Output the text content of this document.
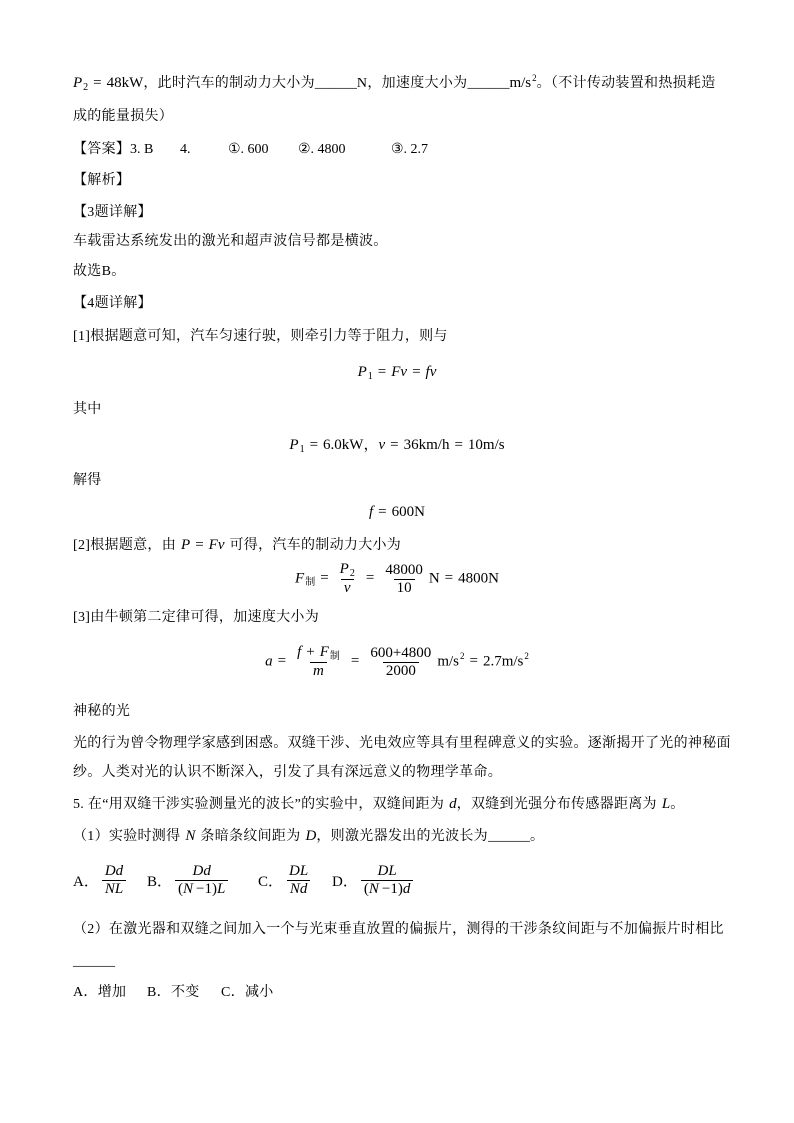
$P_2 = 48kW$，此时汽车的制动力大小为______N，加速度大小为$\_\_\_\_\_\_m/s^2$。（不计传动装置和热损耗造
成的能量损失）
【答案】 3. B 4.	①. 600 ②. 4800	③. 2.7
【解析】
【3题详解】
车载雷达系统发出的激光和超声波信号都是横波。
故选B。
【4题详解】
[1]根据题意可知，汽车匀速行驶，则牵引力等于阻力，则与
$P_1 = Fv$ = fv
其中
$P_1 = 6.0kW$，v = 36km/h = 10m/s
解得
f = 600N
[2]根据题意，由 P = Fv 可得，汽车的制动力大小为
$F_制 = \frac{P_2}{v} = \frac{48000}{10}$ N = 4800N
[3]由牛顿第二定律可得，加速度大小为
$a = \frac{f + F_制}{m} = \frac{600+4800}{2000} m/s^2 = 2.7m/s^2$
神秘的光
光的行为曾令物理学家感到困惑。双缝干涉、光电效应等具有里程碑意义的实验。逐渐揭开了光的神秘面
纱。人类对光的认识不断深入，引发了具有深远意义的物理学革命。
5. 在“用双缝干涉实验测量光的波长”的实验中，双缝间距为 d，双缝到光强分布传感器距离为 L。
（1）实验时测得 N 条暗条纹间距为 D，则激光器发出的光波长为______。
A． $\frac{Dd}{NL}$ B． $\frac{Dd}{(N -1)L}$ C． $\frac{DL}{Nd}$ D． $\frac{DL}{(N -1)d}$
（2）在激光器和双缝之间加入一个与光束垂直放置的偏振片，测得的干涉条纹间距与不加偏振片时相比
______
A．增加 B．不变 C．减小
